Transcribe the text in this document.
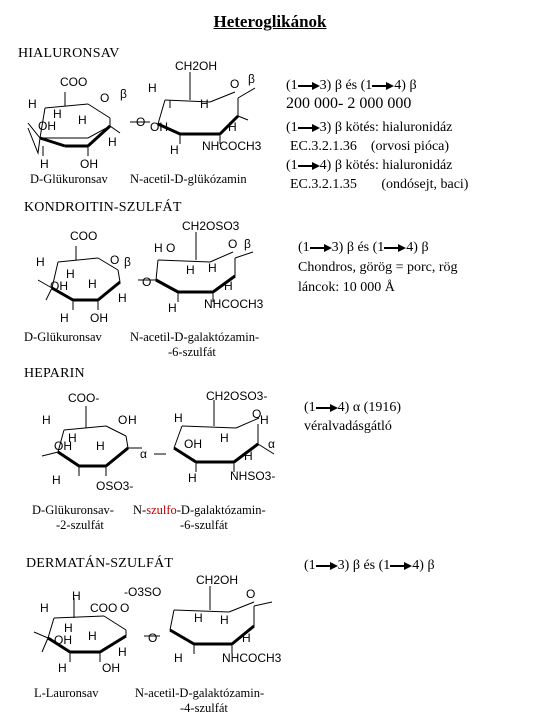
Heteroglikánok
HIALURONSAV
COO
H	O β
H
OH H
H	OH
H
CH2OH
O β
H
O OH
H
H NHCOCH3
H
D-Glükuronsav N-acetil-D-glükózamin
(1 3) β és (1 4) β
200 000- 2 000 000
(1 3) β kötés: hialuronidáz
EC.3.2.1.36 (orvosi pióca)
(1 4) β kötés: hialuronidáz
EC.3.2.1.35 (ondósejt, baci)
KONDROITIN-SZULFÁT
COO
H	O β
H
OH H
H
H OH
CH2OSO3
H O	O β
O
H H
H NHCOCH3
H
D-Glükuronsav N-acetil-D-galaktózamin-
-6-szulfát
(1 3) β és (1 4) β
Chondros, görög = porc, rög
láncok: 10 000 Å
HEPARIN
COO-
H	O
H
OH H
H
α
H	OSO3-
CH2OSO3-
H	O
H
OH H	α
H	NHSO3-
H
D-Glükuronsav-
-2-szulfát
N-szulfo-D-galaktózamin-
-6-szulfát
(1 4) α (1916)
véralvadásgátló
DERMATÁN-SZULFÁT
H
H	COO O
H
OH H
H	OH
H
CH2OH
-O3SO	O
H H
O
H	NHCOCH3
H
L-Lauronsav	N-acetil-D-galaktózamin-
-4-szulfát
(1 3) β és (1 4) β
